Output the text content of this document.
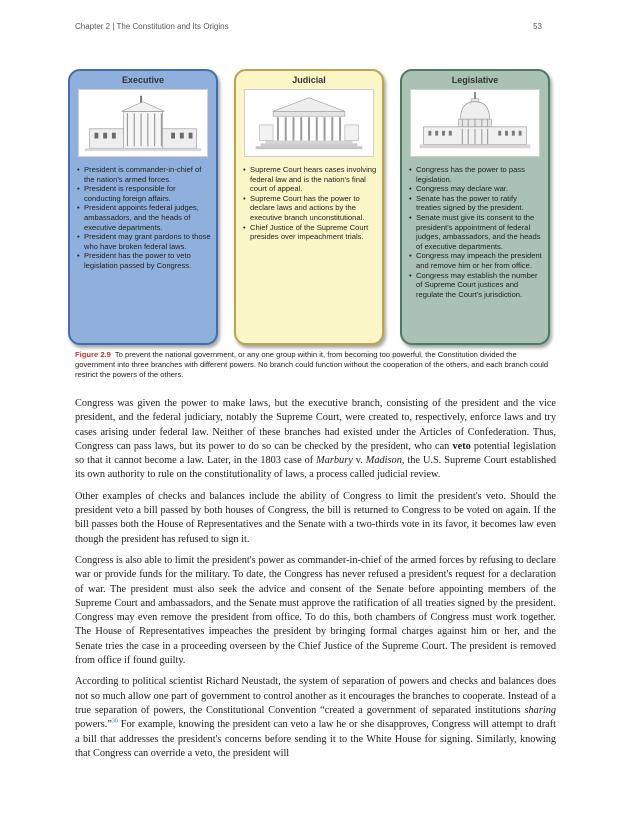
Chapter 2 | The Constitution and Its Origins	53
Executive
• President is commander-in-chief of the nation's armed forces.
• President is responsible for conducting foreign affairs.
• President appoints federal judges, ambassadors, and the heads of executive departments.
• President may grant pardons to those who have broken federal laws.
• President has the power to veto legislation passed by Congress.
Judicial
• Supreme Court hears cases involving federal law and is the nation's final court of appeal.
• Supreme Court has the power to declare laws and actions by the executive branch unconstitutional.
• Chief Justice of the Supreme Court presides over impeachment trials.
Legislative
• Congress has the power to pass legislation.
• Congress may declare war.
• Senate has the power to ratify treaties signed by the president.
• Senate must give its consent to the president's appointment of federal judges, ambassadors, and the heads of executive departments.
• Congress may impeach the president and remove him or her from office.
• Congress may establish the number of Supreme Court justices and regulate the Court's jurisdiction.
Figure 2.9 To prevent the national government, or any one group within it, from becoming too powerful, the Constitution divided the government into three branches with different powers. No branch could function without the cooperation of the others, and each branch could restrict the powers of the others.

Congress was given the power to make laws, but the executive branch, consisting of the president and the vice president, and the federal judiciary, notably the Supreme Court, were created to, respectively, enforce laws and try cases arising under federal law. Neither of these branches had existed under the Articles of Confederation. Thus, Congress can pass laws, but its power to do so can be checked by the president, who can veto potential legislation so that it cannot become a law. Later, in the 1803 case of Marbury v. Madison, the U.S. Supreme Court established its own authority to rule on the constitutionality of laws, a process called judicial review.

Other examples of checks and balances include the ability of Congress to limit the president's veto. Should the president veto a bill passed by both houses of Congress, the bill is returned to Congress to be voted on again. If the bill passes both the House of Representatives and the Senate with a two-thirds vote in its favor, it becomes law even though the president has refused to sign it.

Congress is also able to limit the president's power as commander-in-chief of the armed forces by refusing to declare war or provide funds for the military. To date, the Congress has never refused a president's request for a declaration of war. The president must also seek the advice and consent of the Senate before appointing members of the Supreme Court and ambassadors, and the Senate must approve the ratification of all treaties signed by the president. Congress may even remove the president from office. To do this, both chambers of Congress must work together. The House of Representatives impeaches the president by bringing formal charges against him or her, and the Senate tries the case in a proceeding overseen by the Chief Justice of the Supreme Court. The president is removed from office if found guilty.

According to political scientist Richard Neustadt, the system of separation of powers and checks and balances does not so much allow one part of government to control another as it encourages the branches to cooperate. Instead of a true separation of powers, the Constitutional Convention “created a government of separated institutions sharing powers.”$^{30}$ For example, knowing the president can veto a law he or she disapproves, Congress will attempt to draft a bill that addresses the president's concerns before sending it to the White House for signing. Similarly, knowing that Congress can override a veto, the president will
